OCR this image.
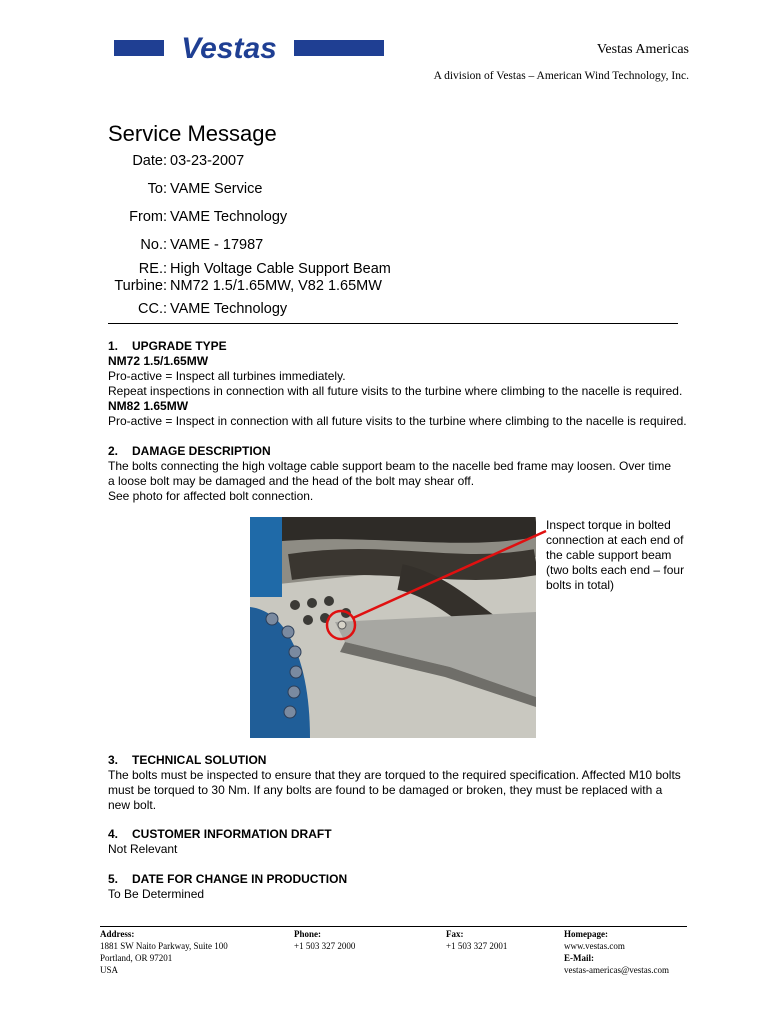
Vestas	Vestas Americas
A division of Vestas – American Wind Technology, Inc.
Service Message
Date: 03-23-2007
To: VAME Service
From: VAME Technology
No.: VAME - 17987
RE.: High Voltage Cable Support Beam
Turbine: NM72 1.5/1.65MW, V82 1.65MW
CC.: VAME Technology

1. UPGRADE TYPE

NM72 1.5/1.65MW

Pro-active = Inspect all turbines immediately.

Repeat inspections in connection with all future visits to the turbine where climbing to the nacelle is required.

NM82 1.65MW

Pro-active = Inspect in connection with all future visits to the turbine where climbing to the nacelle is required.

2. DAMAGE DESCRIPTION

The bolts connecting the high voltage cable support beam to the nacelle bed frame may loosen. Over time

a loose bolt may be damaged and the head of the bolt may shear off.

See photo for affected bolt connection.

Inspect torque in bolted connection at each end of the cable support beam (two bolts each end – four bolts in total)

3. TECHNICAL SOLUTION

The bolts must be inspected to ensure that they are torqued to the required specification. Affected M10 bolts

must be torqued to 30 Nm. If any bolts are found to be damaged or broken, they must be replaced with a

new bolt.

4. CUSTOMER INFORMATION DRAFT

Not Relevant

5. DATE FOR CHANGE IN PRODUCTION

To Be Determined

Address:
1881 SW Naito Parkway, Suite 100
Portland, OR 97201
USA
Phone:
+1 503 327 2000
Fax:
+1 503 327 2001
Homepage:
www.vestas.com
E-Mail:
vestas-americas@vestas.com
